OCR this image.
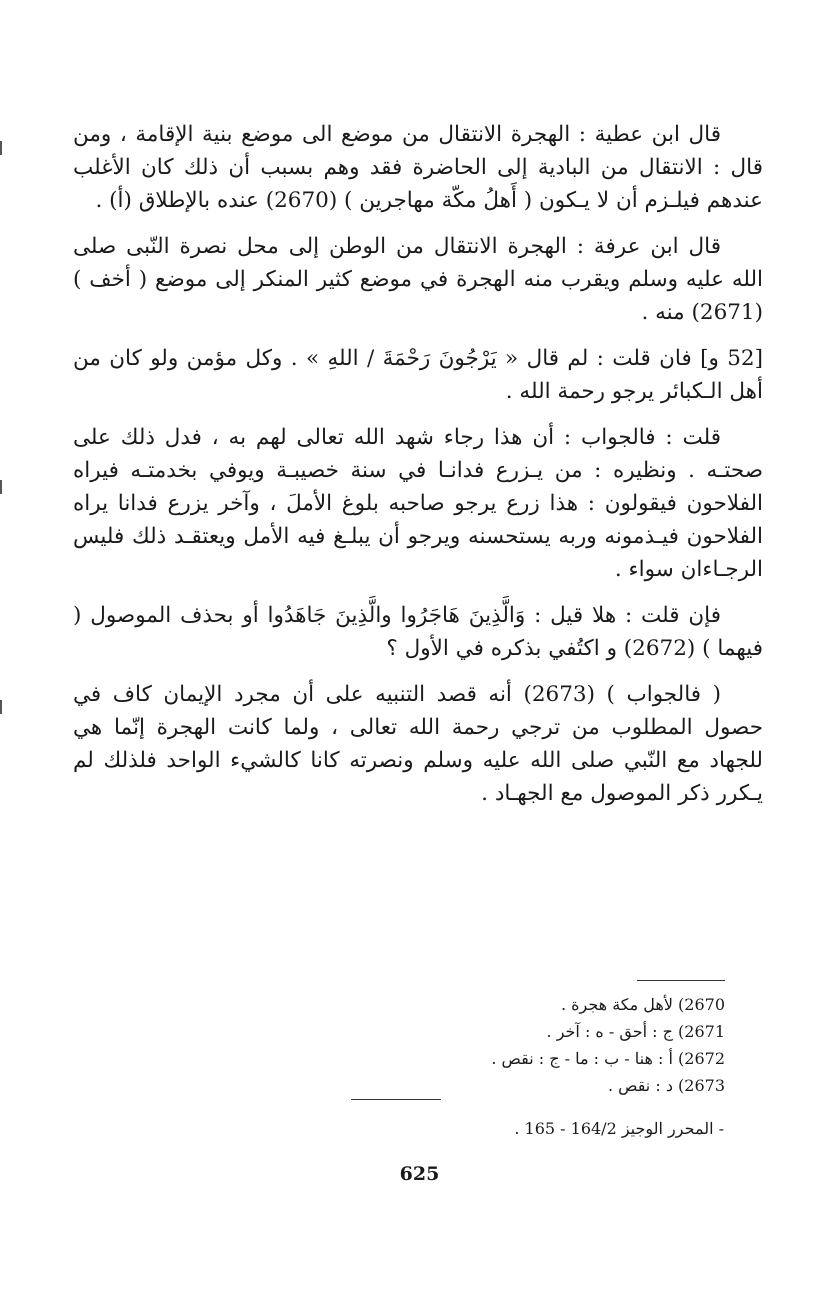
قال ابن عطية : الهجرة الانتقال من موضع الى موضع بنية الإقامة ، ومن قال : الانتقال من البادية إلى الحاضرة فقد وهم بسبب أن ذلك كان الأغلب عندهم فيلـزم أن لا يـكون ( أَهلُ مكّة مهاجرين ) (2670) عنده بالإطلاق (أ) .

قال ابن عرفة : الهجرة الانتقال من الوطن إلى محل نصرة النّبى صلى الله عليه وسلم ويقرب منه الهجرة في موضع كثير المنكر إلى موضع ( أخف ) (2671) منه .

[52 و] فان قلت : لم قال « يَرْجُونَ رَحْمَةَ / اللهِ » . وكل مؤمن ولو كان من أهل الـكبائر يرجو رحمة الله .

قلت : فالجواب : أن هذا رجاء شهد الله تعالى لهم به ، فدل ذلك على صحتـه . ونظيره : من يـزرع فدانـا في سنة خصيبـة ويوفي بخدمتـه فيراه الفلاحون فيقولون : هذا زرع يرجو صاحبه بلوغ الأملَ ، وآخر يزرع فدانا يراه الفلاحون فيـذمونه وربه يستحسنه ويرجو أن يبلـغ فيه الأمل ويعتقـد ذلك فليس الرجـاءان سواء .

فإن قلت : هلا قيل : وَالَّذِينَ هَاجَرُوا والَّذِينَ جَاهَدُوا أو بحذف الموصول ( فيهما ) (2672) و اكتُفي بذكره في الأول ؟

( فالجواب ) (2673) أنه قصد التنبيه على أن مجرد الإيمان كاف في حصول المطلوب من ترجي رحمة الله تعالى ، ولما كانت الهجرة إنّما هي للجهاد مع النّبي صلى الله عليه وسلم ونصرته كانا كالشيء الواحد فلذلك لم يـكرر ذكر الموصول مع الجهـاد .

2670) لأهل مكة هجرة .

2671) ج : أحق - ه : آخر .

2672) أ : هنا - ب : ما - ج : نقص .

2673) د : نقص .

- المحرر الوجيز 164/2 - 165 .
625
